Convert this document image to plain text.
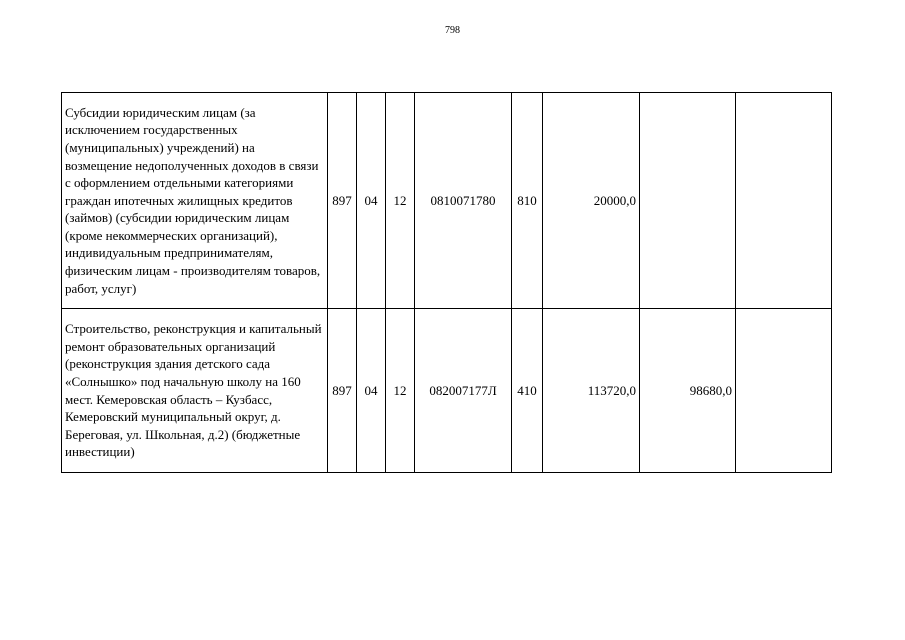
798
Субсидии юридическим лицам (за исключением государственных (муниципальных) учреждений) на возмещение недополученных доходов в связи с оформлением отдельными категориями граждан ипотечных жилищных кредитов (займов) (субсидии юридическим лицам (кроме некоммерческих организаций), индивидуальным предпринимателям, физическим лицам - производителям товаров, работ, услуг)	897	04	12	0810071780	810	20000,0		
Строительство, реконструкция и капитальный ремонт образовательных организаций (реконструкция здания детского сада «Солнышко» под начальную школу на 160 мест. Кемеровская область – Кузбасс, Кемеровский муниципальный округ, д. Береговая, ул. Школьная, д.2) (бюджетные инвестиции)	897	04	12	082007177Л	410	113720,0	98680,0	
